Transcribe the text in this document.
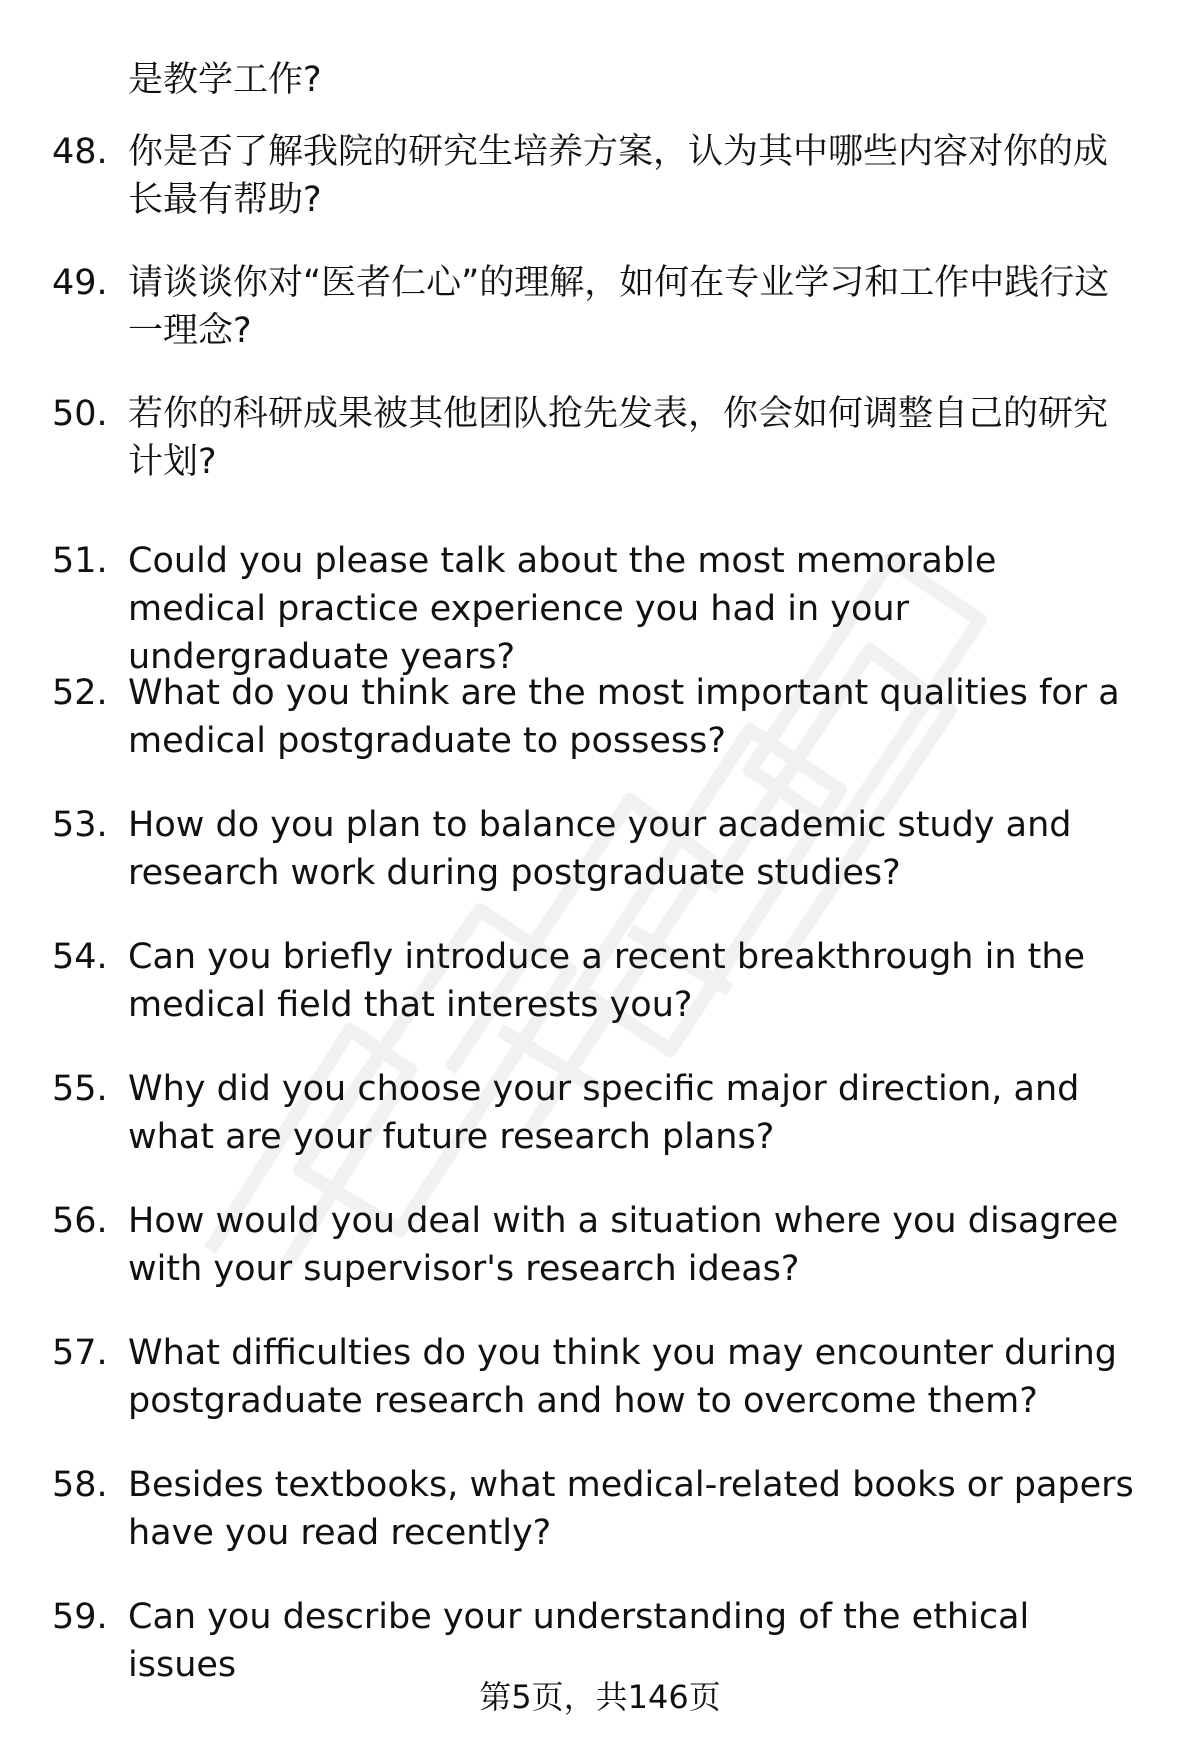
是教学工作?
48. 你是否了解我院的研究生培养方案，认为其中哪些内容对你的成长最有帮助?
49. 请谈谈你对“医者仁心”的理解，如何在专业学习和工作中践行这一理念?
50. 若你的科研成果被其他团队抢先发表，你会如何调整自己的研究计划?
51. Could you please talk about the most memorable medical practice experience you had in your undergraduate years?
52. What do you think are the most important qualities for a medical postgraduate to possess?
53. How do you plan to balance your academic study and research work during postgraduate studies?
54. Can you briefly introduce a recent breakthrough in the medical field that interests you?
55. Why did you choose your specific major direction, and what are your future research plans?
56. How would you deal with a situation where you disagree with your supervisor's research ideas?
57. What difficulties do you think you may encounter during postgraduate research and how to overcome them?
58. Besides textbooks, what medical-related books or papers have you read recently?
59. Can you describe your understanding of the ethical issues
第5页，共146页
